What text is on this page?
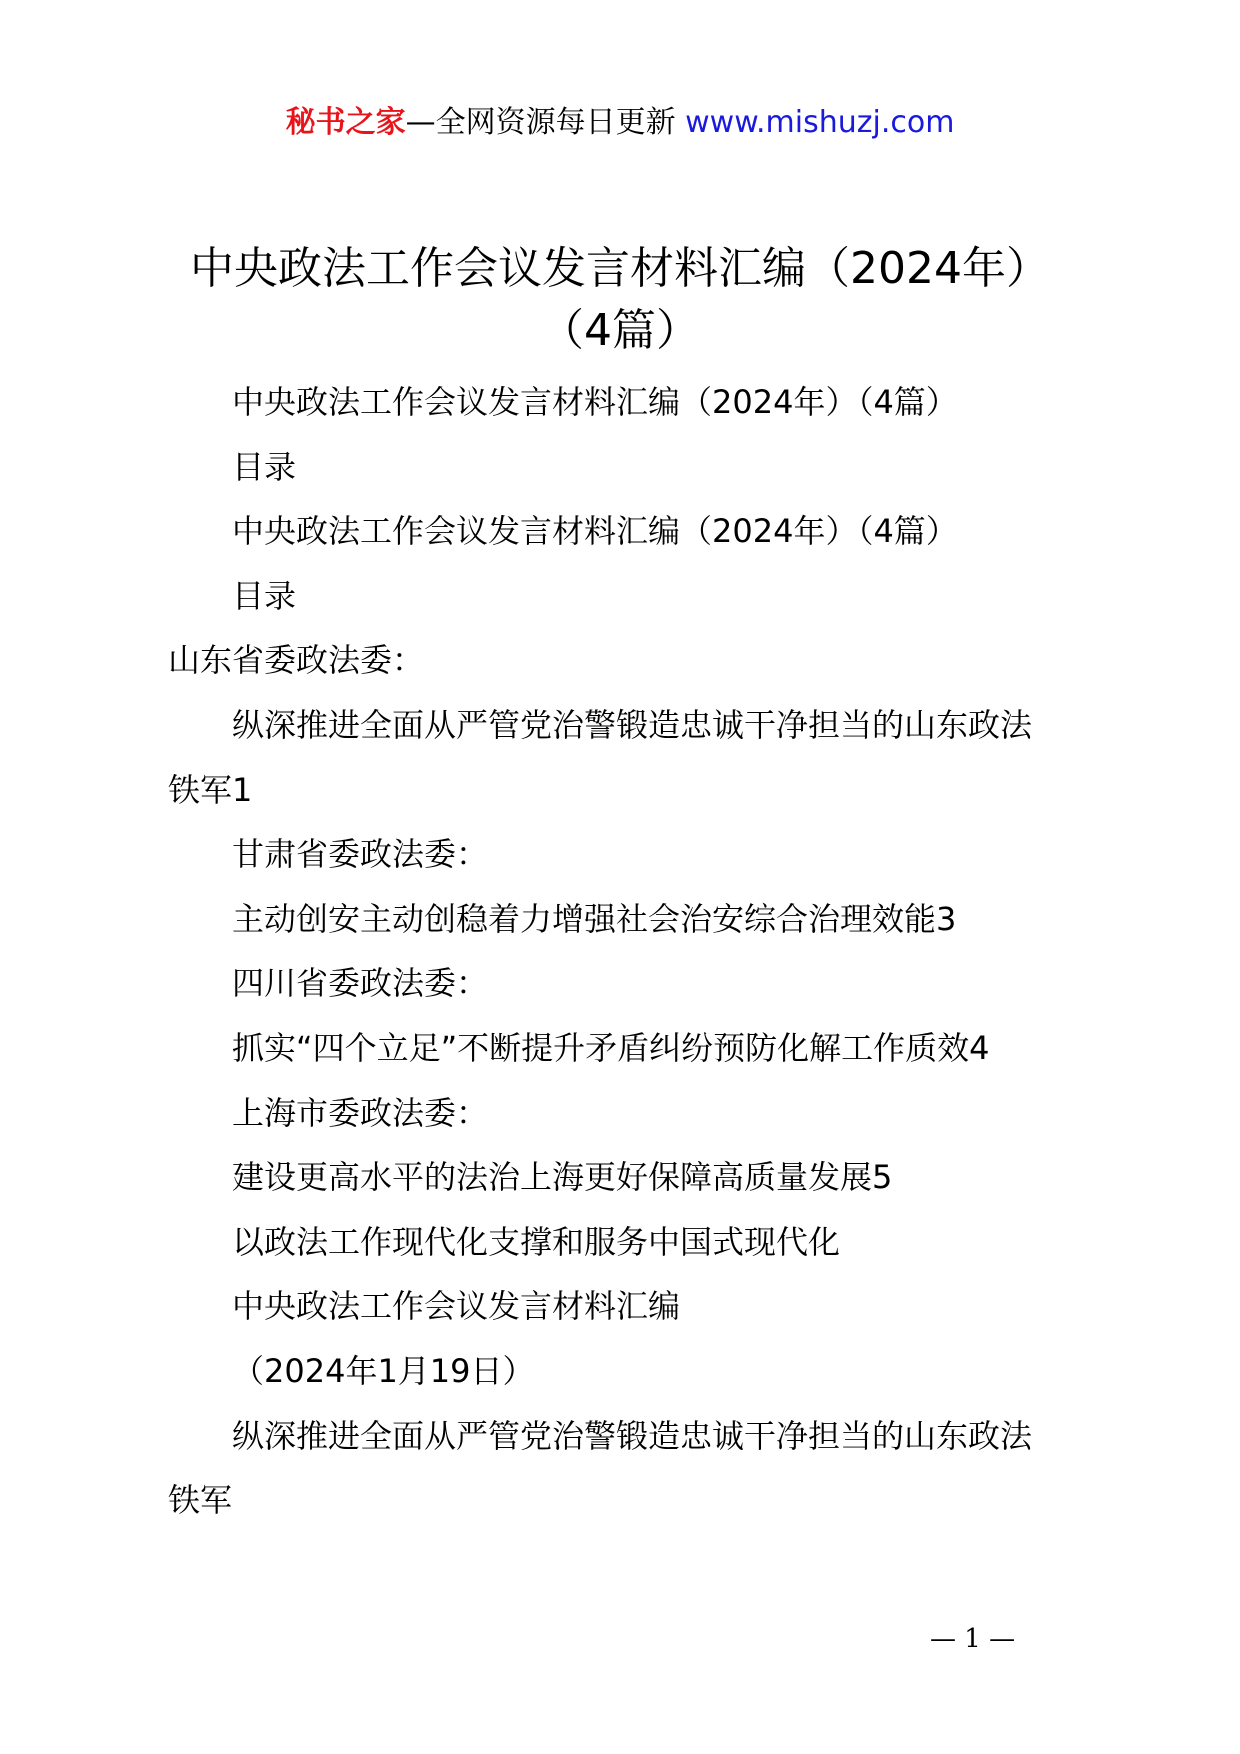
秘书之家—全网资源每日更新 www.mishuzj.com
中央政法工作会议发言材料汇编（2024年）
（4篇）
中央政法工作会议发言材料汇编（2024年）（4篇）
目录
中央政法工作会议发言材料汇编（2024年）（4篇）
目录
山东省委政法委：
纵深推进全面从严管党治警锻造忠诚干净担当的山东政法
铁军1
甘肃省委政法委：
主动创安主动创稳着力增强社会治安综合治理效能3
四川省委政法委：
抓实“四个立足”不断提升矛盾纠纷预防化解工作质效4
上海市委政法委：
建设更高水平的法治上海更好保障高质量发展5
以政法工作现代化支撑和服务中国式现代化
中央政法工作会议发言材料汇编
（2024年1月19日）
纵深推进全面从严管党治警锻造忠诚干净担当的山东政法
铁军
— 1 —
